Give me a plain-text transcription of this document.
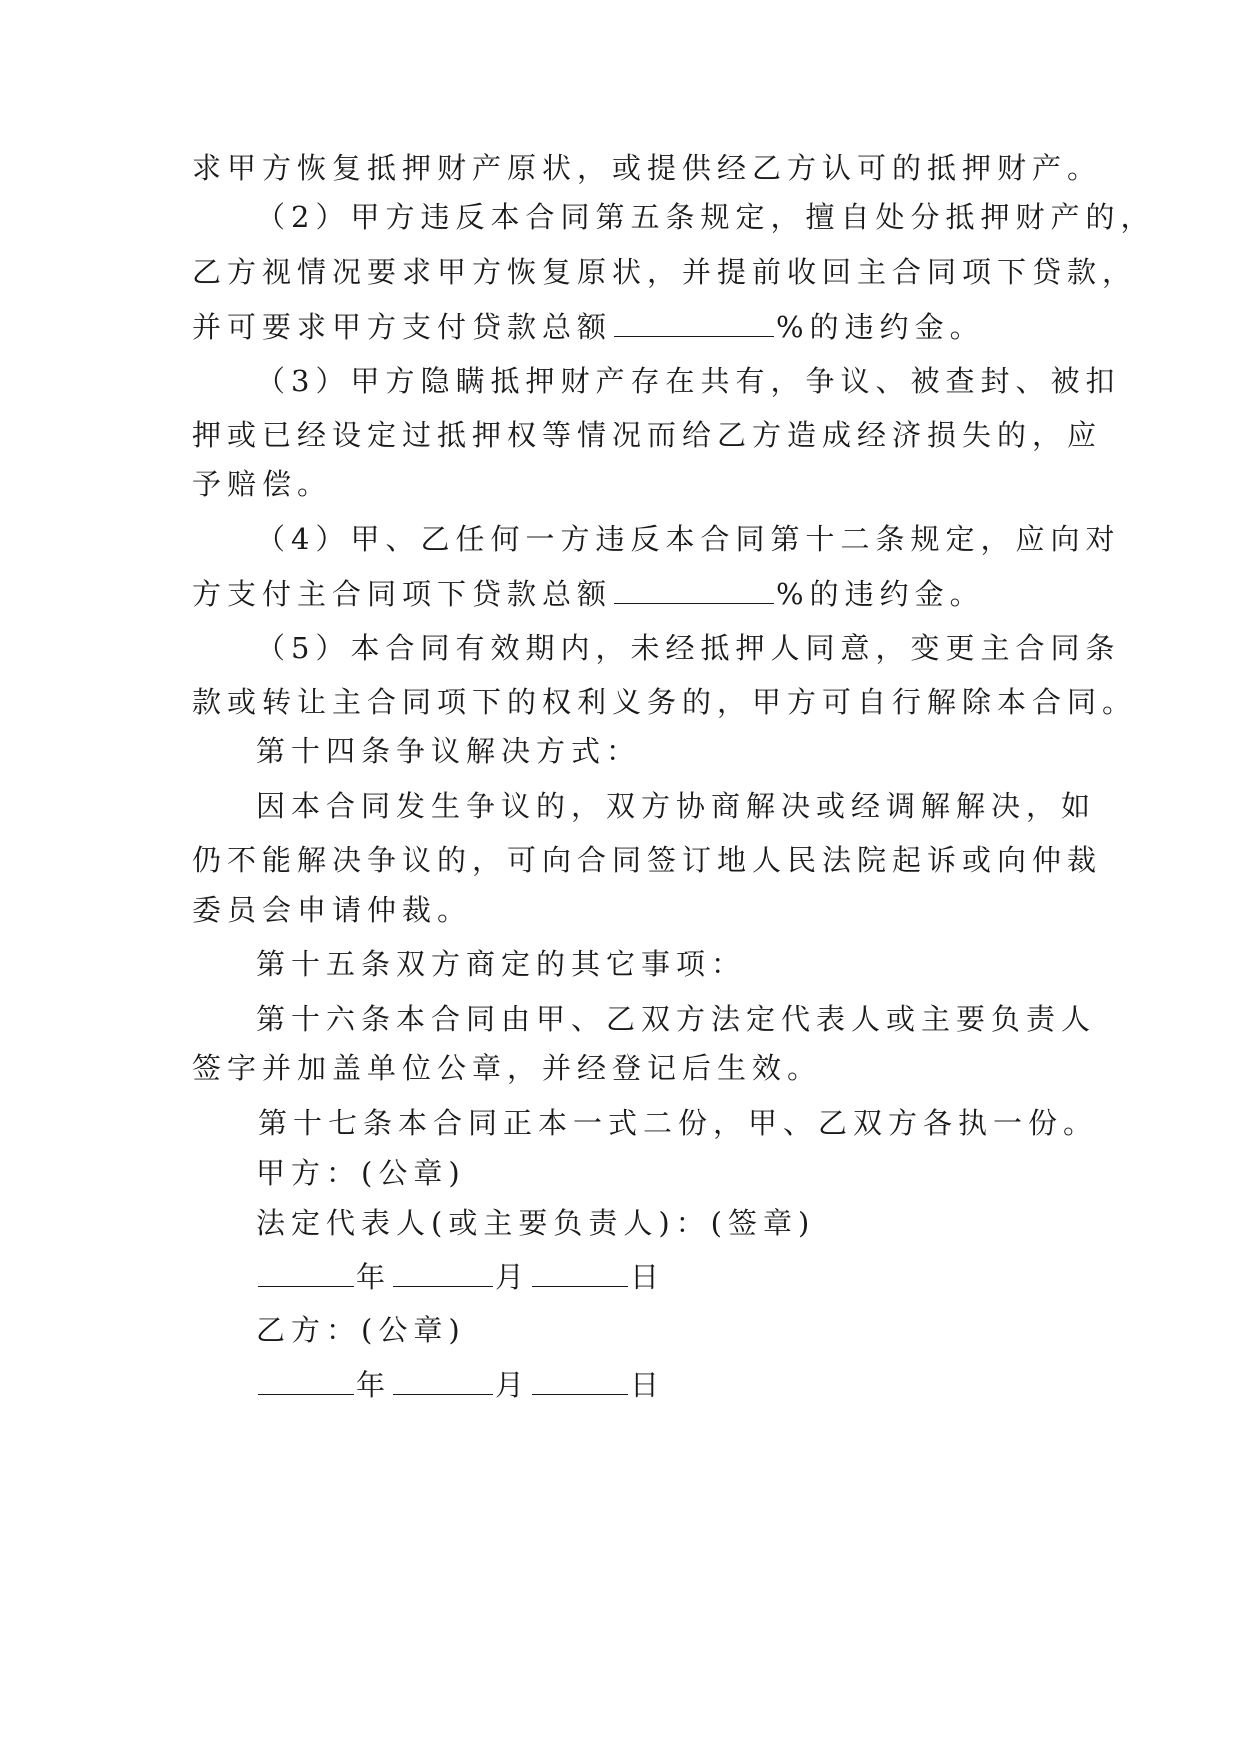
求甲方恢复抵押财产原状，或提供经乙方认可的抵押财产。
（2）甲方违反本合同第五条规定，擅自处分抵押财产的，
乙方视情况要求甲方恢复原状，并提前收回主合同项下贷款，
并可要求甲方支付贷款总额	%的违约金。
（3）甲方隐瞒抵押财产存在共有，争议、被查封、被扣
押或已经设定过抵押权等情况而给乙方造成经济损失的，应
予赔偿。
（4）甲、乙任何一方违反本合同第十二条规定，应向对
方支付主合同项下贷款总额	%的违约金。
（5）本合同有效期内，未经抵押人同意，变更主合同条
款或转让主合同项下的权利义务的，甲方可自行解除本合同。
第十四条争议解决方式：
因本合同发生争议的，双方协商解决或经调解解决，如
仍不能解决争议的，可向合同签订地人民法院起诉或向仲裁
委员会申请仲裁。
第十五条双方商定的其它事项：
第十六条本合同由甲、乙双方法定代表人或主要负责人
签字并加盖单位公章，并经登记后生效。
第十七条本合同正本一式二份，甲、乙双方各执一份。
甲方：(公章)
法定代表人(或主要负责人)：(签章)
年	月	日
乙方：(公章)
年	月	日
